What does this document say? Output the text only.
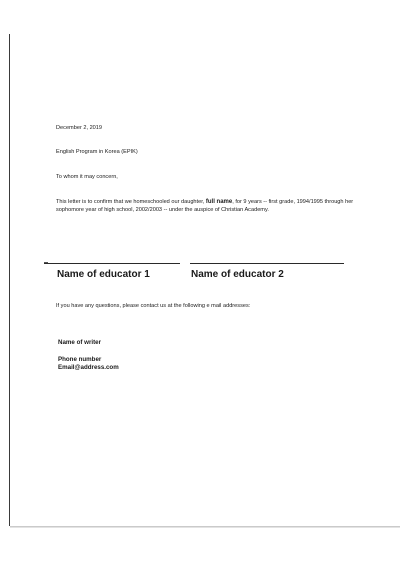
December 2, 2019
English Program in Korea (EPIK)
To whom it may concern,
This letter is to confirm that we homeschooled our daughter, full name, for 9 years -- first grade, 1994/1995 through her sophomore year of high school, 2002/2003 -- under the auspice of Christian Academy.
Name of educator 1	Name of educator 2
If you have any questions, please contact us at the following e mail addresses:
Name of writer
Phone number
Email@address.com
